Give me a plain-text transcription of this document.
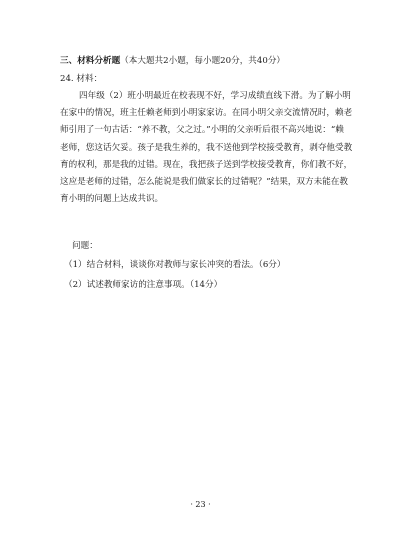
三、材料分析题（本大题共2小题，每小题20分，共40分）
24. 材料：
四年级（2）班小明最近在校表现不好，学习成绩直线下滑。为了解小明
在家中的情况，班主任赖老师到小明家家访。在同小明父亲交流情况时，赖老
师引用了一句古话：“养不教，父之过。”小明的父亲听后很不高兴地说：“赖
老师，您这话欠妥。孩子是我生养的，我不送他到学校接受教育，剥夺他受教
育的权利，那是我的过错。现在，我把孩子送到学校接受教育，你们教不好，
这应是老师的过错，怎么能说是我们做家长的过错呢？”结果，双方未能在教
育小明的问题上达成共识。
问题：
（1）结合材料，谈谈你对教师与家长冲突的看法。（6分）
（2）试述教师家访的注意事项。（14分）
· 23 ·
